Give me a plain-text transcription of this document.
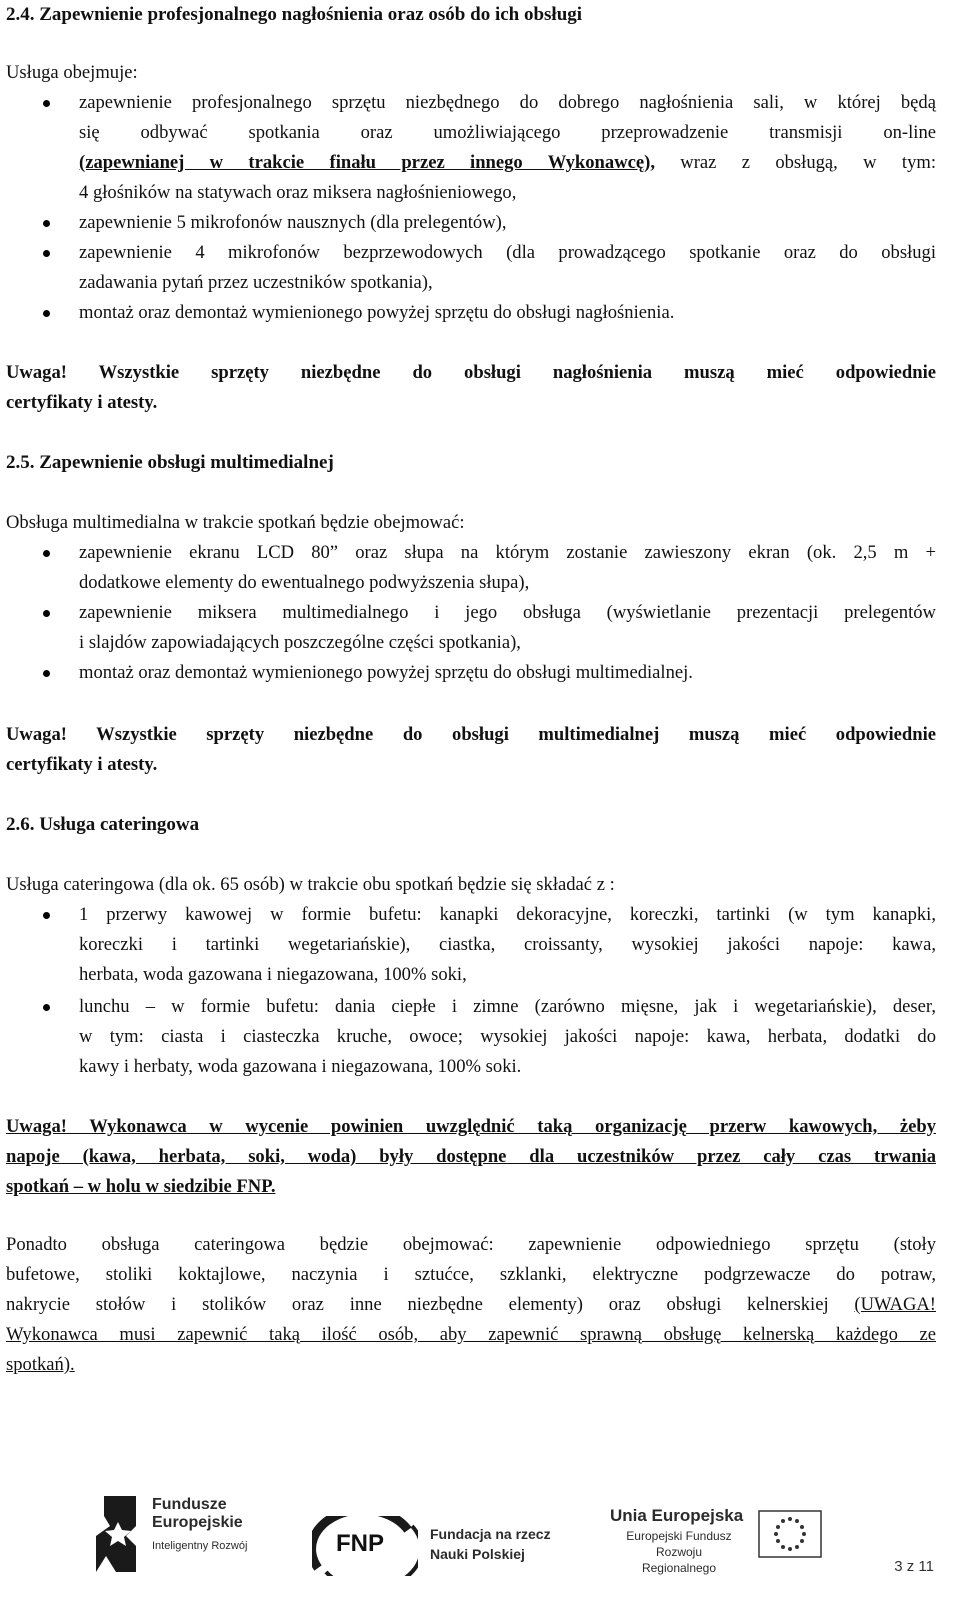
2.4. Zapewnienie profesjonalnego nagłośnienia oraz osób do ich obsługi
Usługa obejmuje:
zapewnienie profesjonalnego sprzętu niezbędnego do dobrego nagłośnienia sali, w której będą
się odbywać spotkania oraz umożliwiającego przeprowadzenie transmisji on-line
(zapewnianej w trakcie finału przez innego Wykonawcę), wraz z obsługą, w tym:
4 głośników na statywach oraz miksera nagłośnieniowego,
zapewnienie 5 mikrofonów nausznych (dla prelegentów),
zapewnienie 4 mikrofonów bezprzewodowych (dla prowadzącego spotkanie oraz do obsługi
zadawania pytań przez uczestników spotkania),
montaż oraz demontaż wymienionego powyżej sprzętu do obsługi nagłośnienia.
Uwaga! Wszystkie sprzęty niezbędne do obsługi nagłośnienia muszą mieć odpowiednie
certyfikaty i atesty.
2.5. Zapewnienie obsługi multimedialnej
Obsługa multimedialna w trakcie spotkań będzie obejmować:
zapewnienie ekranu LCD 80” oraz słupa na którym zostanie zawieszony ekran (ok. 2,5 m +
dodatkowe elementy do ewentualnego podwyższenia słupa),
zapewnienie miksera multimedialnego i jego obsługa (wyświetlanie prezentacji prelegentów
i slajdów zapowiadających poszczególne części spotkania),
montaż oraz demontaż wymienionego powyżej sprzętu do obsługi multimedialnej.
Uwaga! Wszystkie sprzęty niezbędne do obsługi multimedialnej muszą mieć odpowiednie
certyfikaty i atesty.
2.6. Usługa cateringowa
Usługa cateringowa (dla ok. 65 osób) w trakcie obu spotkań będzie się składać z :
1 przerwy kawowej w formie bufetu: kanapki dekoracyjne, koreczki, tartinki (w tym kanapki,
koreczki i tartinki wegetariańskie), ciastka, croissanty, wysokiej jakości napoje: kawa,
herbata, woda gazowana i niegazowana, 100% soki,
lunchu – w formie bufetu: dania ciepłe i zimne (zarówno mięsne, jak i wegetariańskie), deser,
w tym: ciasta i ciasteczka kruche, owoce; wysokiej jakości napoje: kawa, herbata, dodatki do
kawy i herbaty, woda gazowana i niegazowana, 100% soki.
Uwaga! Wykonawca w wycenie powinien uwzględnić taką organizację przerw kawowych, żeby
napoje (kawa, herbata, soki, woda) były dostępne dla uczestników przez cały czas trwania
spotkań – w holu w siedzibie FNP.
Ponadto obsługa cateringowa będzie obejmować: zapewnienie odpowiedniego sprzętu (stoły
bufetowe, stoliki koktajlowe, naczynia i sztućce, szklanki, elektryczne podgrzewacze do potraw,
nakrycie stołów i stolików oraz inne niezbędne elementy) oraz obsługi kelnerskiej (UWAGA!
Wykonawca musi zapewnić taką ilość osób, aby zapewnić sprawną obsługę kelnerską każdego ze
spotkań).
Fundusze
Europejskie
Inteligentny Rozwój	FNP	Fundacja na rzecz
Nauki Polskiej
Unia Europejska
Europejski Fundusz
Rozwoju Regionalnego	3 z 11
